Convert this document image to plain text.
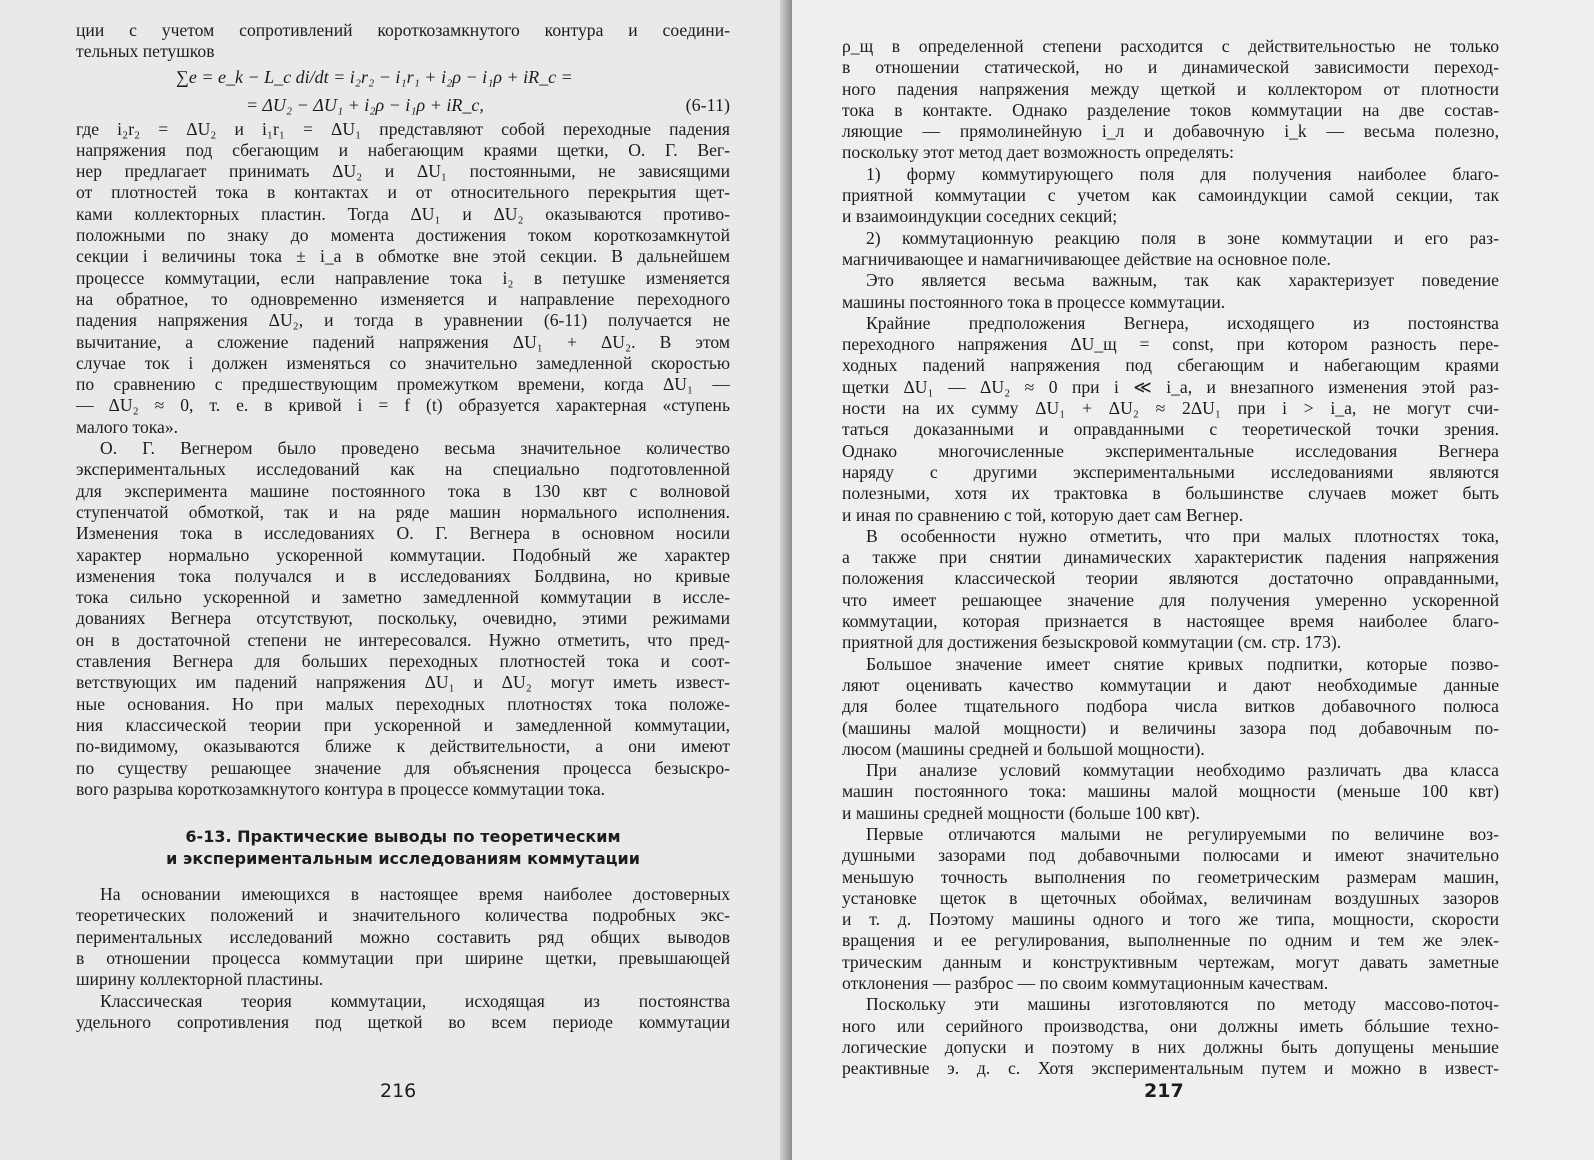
ции с учетом сопротивлений короткозамкнутого контура и соедини-
тельных петушков
∑e = e_k − L_c di/dt = i₂r₂ − i₁r₁ + i₂ρ − i₁ρ + iR_c =
(6-11)
= ΔU₂ − ΔU₁ + i₂ρ − i₁ρ + iR_c,
где i₂r₂ = ΔU₂ и i₁r₁ = ΔU₁ представляют собой переходные падения
напряжения под сбегающим и набегающим краями щетки, О. Г. Вег-
нер предлагает принимать ΔU₂ и ΔU₁ постоянными, не зависящими
от плотностей тока в контактах и от относительного перекрытия щет-
ками коллекторных пластин. Тогда ΔU₁ и ΔU₂ оказываются противо-
положными по знаку до момента достижения током короткозамкнутой
секции i величины тока ± i_a в обмотке вне этой секции. В дальнейшем
процессе коммутации, если направление тока i₂ в петушке изменяется
на обратное, то одновременно изменяется и направление переходного
падения напряжения ΔU₂, и тогда в уравнении (6-11) получается не
вычитание, а сложение падений напряжения ΔU₁ + ΔU₂. В этом
случае ток i должен изменяться со значительно замедленной скоростью
по сравнению с предшествующим промежутком времени, когда ΔU₁ —
— ΔU₂ ≈ 0, т. е. в кривой i = f (t) образуется характерная «ступень
малого тока».
О. Г. Вегнером было проведено весьма значительное количество
экспериментальных исследований как на специально подготовленной
для эксперимента машине постоянного тока в 130 квт с волновой
ступенчатой обмоткой, так и на ряде машин нормального исполнения.
Изменения тока в исследованиях О. Г. Вегнера в основном носили
характер нормально ускоренной коммутации. Подобный же характер
изменения тока получался и в исследованиях Болдвина, но кривые
тока сильно ускоренной и заметно замедленной коммутации в иссле-
дованиях Вегнера отсутствуют, поскольку, очевидно, этими режимами
он в достаточной степени не интересовался. Нужно отметить, что пред-
ставления Вегнера для больших переходных плотностей тока и соот-
ветствующих им падений напряжения ΔU₁ и ΔU₂ могут иметь извест-
ные основания. Но при малых переходных плотностях тока положе-
ния классической теории при ускоренной и замедленной коммутации,
по-видимому, оказываются ближе к действительности, а они имеют
по существу решающее значение для объяснения процесса безыскро-
вого разрыва короткозамкнутого контура в процессе коммутации тока.
6-13. Практические выводы по теоретическим
и экспериментальным исследованиям коммутации
На основании имеющихся в настоящее время наиболее достоверных
теоретических положений и значительного количества подробных экс-
периментальных исследований можно составить ряд общих выводов
в отношении процесса коммутации при ширине щетки, превышающей
ширину коллекторной пластины.
Классическая теория коммутации, исходящая из постоянства
удельного сопротивления под щеткой во всем периоде коммутации
216
ρ_щ в определенной степени расходится с действительностью не только
в отношении статической, но и динамической зависимости переход-
ного падения напряжения между щеткой и коллектором от плотности
тока в контакте. Однако разделение токов коммутации на две состав-
ляющие — прямолинейную i_л и добавочную i_k — весьма полезно,
поскольку этот метод дает возможность определять:
1) форму коммутирующего поля для получения наиболее благо-
приятной коммутации с учетом как самоиндукции самой секции, так
и взаимоиндукции соседних секций;
2) коммутационную реакцию поля в зоне коммутации и его раз-
магничивающее и намагничивающее действие на основное поле.
Это является весьма важным, так как характеризует поведение
машины постоянного тока в процессе коммутации.
Крайние предположения Вегнера, исходящего из постоянства
переходного напряжения ΔU_щ = const, при котором разность пере-
ходных падений напряжения под сбегающим и набегающим краями
щетки ΔU₁ — ΔU₂ ≈ 0 при i ≪ i_a, и внезапного изменения этой раз-
ности на их сумму ΔU₁ + ΔU₂ ≈ 2ΔU₁ при i > i_a, не могут счи-
таться доказанными и оправданными с теоретической точки зрения.
Однако многочисленные экспериментальные исследования Вегнера
наряду с другими экспериментальными исследованиями являются
полезными, хотя их трактовка в большинстве случаев может быть
и иная по сравнению с той, которую дает сам Вегнер.
В особенности нужно отметить, что при малых плотностях тока,
а также при снятии динамических характеристик падения напряжения
положения классической теории являются достаточно оправданными,
что имеет решающее значение для получения умеренно ускоренной
коммутации, которая признается в настоящее время наиболее благо-
приятной для достижения безыскровой коммутации (см. стр. 173).
Большое значение имеет снятие кривых подпитки, которые позво-
ляют оценивать качество коммутации и дают необходимые данные
для более тщательного подбора числа витков добавочного полюса
(машины малой мощности) и величины зазора под добавочным по-
люсом (машины средней и большой мощности).
При анализе условий коммутации необходимо различать два класса
машин постоянного тока: машины малой мощности (меньше 100 квт)
и машины средней мощности (больше 100 квт).
Первые отличаются малыми не регулируемыми по величине воз-
душными зазорами под добавочными полюсами и имеют значительно
меньшую точность выполнения по геометрическим размерам машин,
установке щеток в щеточных обоймах, величинам воздушных зазоров
и т. д. Поэтому машины одного и того же типа, мощности, скорости
вращения и ее регулирования, выполненные по одним и тем же элек-
трическим данным и конструктивным чертежам, могут давать заметные
отклонения — разброс — по своим коммутационным качествам.
Поскольку эти машины изготовляются по методу массово-поточ-
ного или серийного производства, они должны иметь бóльшие техно-
логические допуски и поэтому в них должны быть допущены меньшие
реактивные э. д. с. Хотя экспериментальным путем и можно в извест-
217
